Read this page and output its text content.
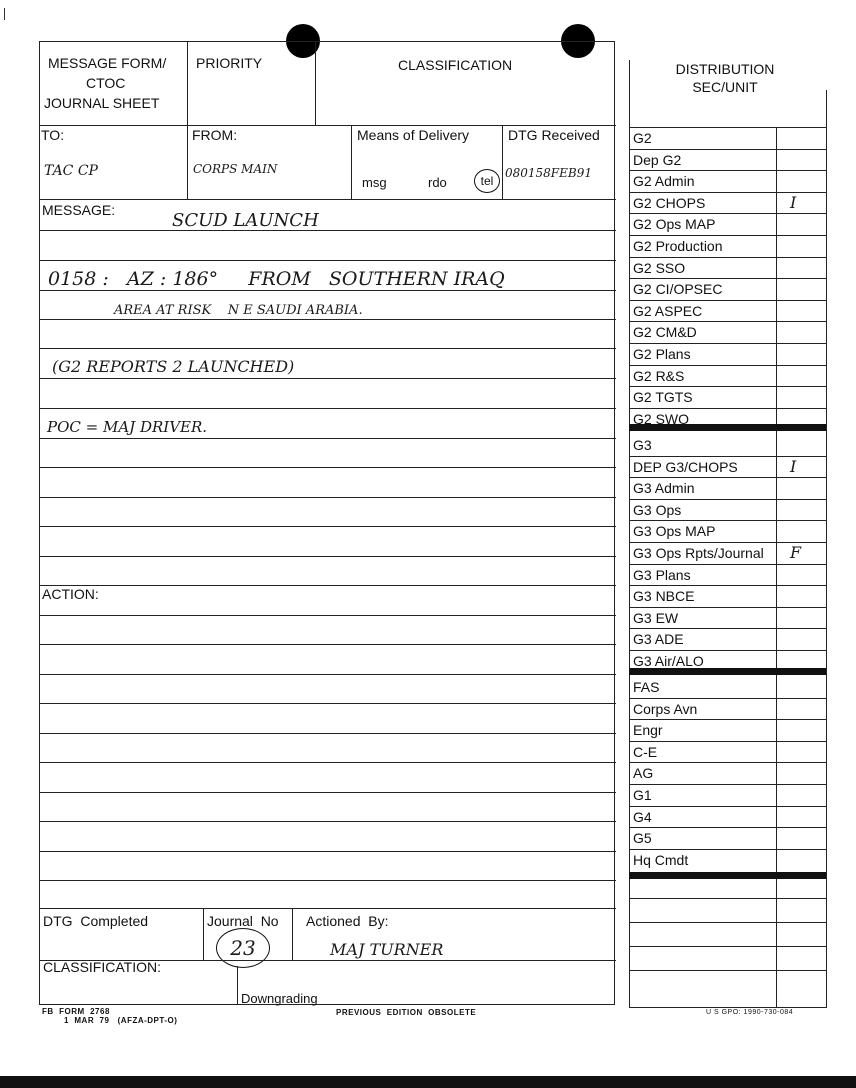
MESSAGE FORM/
CTOC
JOURNAL SHEET
PRIORITY	CLASSIFICATION
TO:
TAC CP
FROM:
CORPS MAIN
Means of Delivery
msg	rdo	tel
DTG Received
080158FEB91
MESSAGE:	SCUD LAUNCH
0158 :   AZ : 186°     FROM   SOUTHERN IRAQ
AREA AT RISK    N E SAUDI ARABIA.
(G2 REPORTS 2 LAUNCHED)
POC = MAJ DRIVER.
ACTION:
DTG  Completed	Journal  No
23
Actioned  By:
MAJ TURNER
CLASSIFICATION:
Downgrading
FB  FORM  2768
1  MAR  79   (AFZA-DPT-O)
PREVIOUS  EDITION  OBSOLETE	U S GPO: 1990-730-084
DISTRIBUTION
SEC/UNIT
G2
Dep G2
G2 Admin
G2 CHOPS	I
G2 Ops MAP
G2 Production
G2 SSO
G2 CI/OPSEC
G2 ASPEC
G2 CM&D
G2 Plans
G2 R&S
G2 TGTS
G2 SWO
G3
DEP G3/CHOPS	I
G3 Admin
G3 Ops
G3 Ops MAP
G3 Ops Rpts/Journal F
G3 Plans
G3 NBCE
G3 EW
G3 ADE
G3 Air/ALO
FAS
Corps Avn
Engr
C-E
AG
G1
G4
G5
Hq Cmdt
